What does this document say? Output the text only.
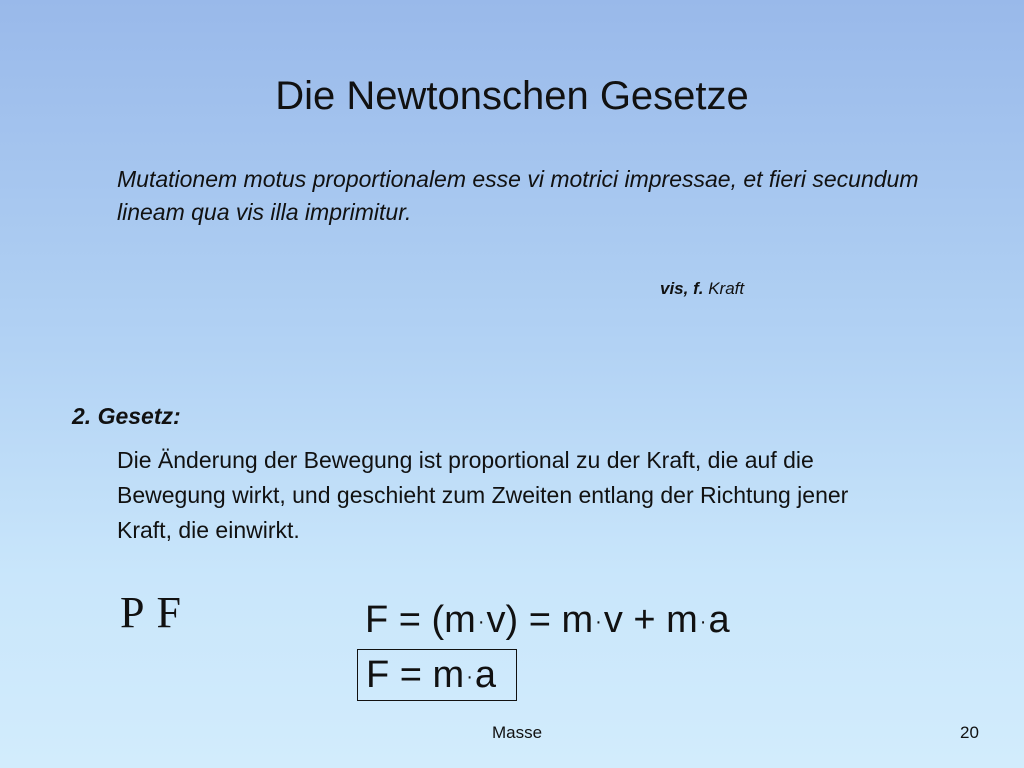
Die Newtonschen Gesetze
Mutationem motus proportionalem esse vi motrici impressae, et fieri secundum lineam qua vis illa imprimitur.
vis, f. Kraft
2. Gesetz:
Die Änderung der Bewegung ist proportional zu der Kraft, die auf die Bewegung wirkt, und geschieht zum Zweiten entlang der Richtung jener Kraft, die einwirkt.
P F	F = (m ·v) = m ·v + m ·a
F = m ·a
Masse	20
